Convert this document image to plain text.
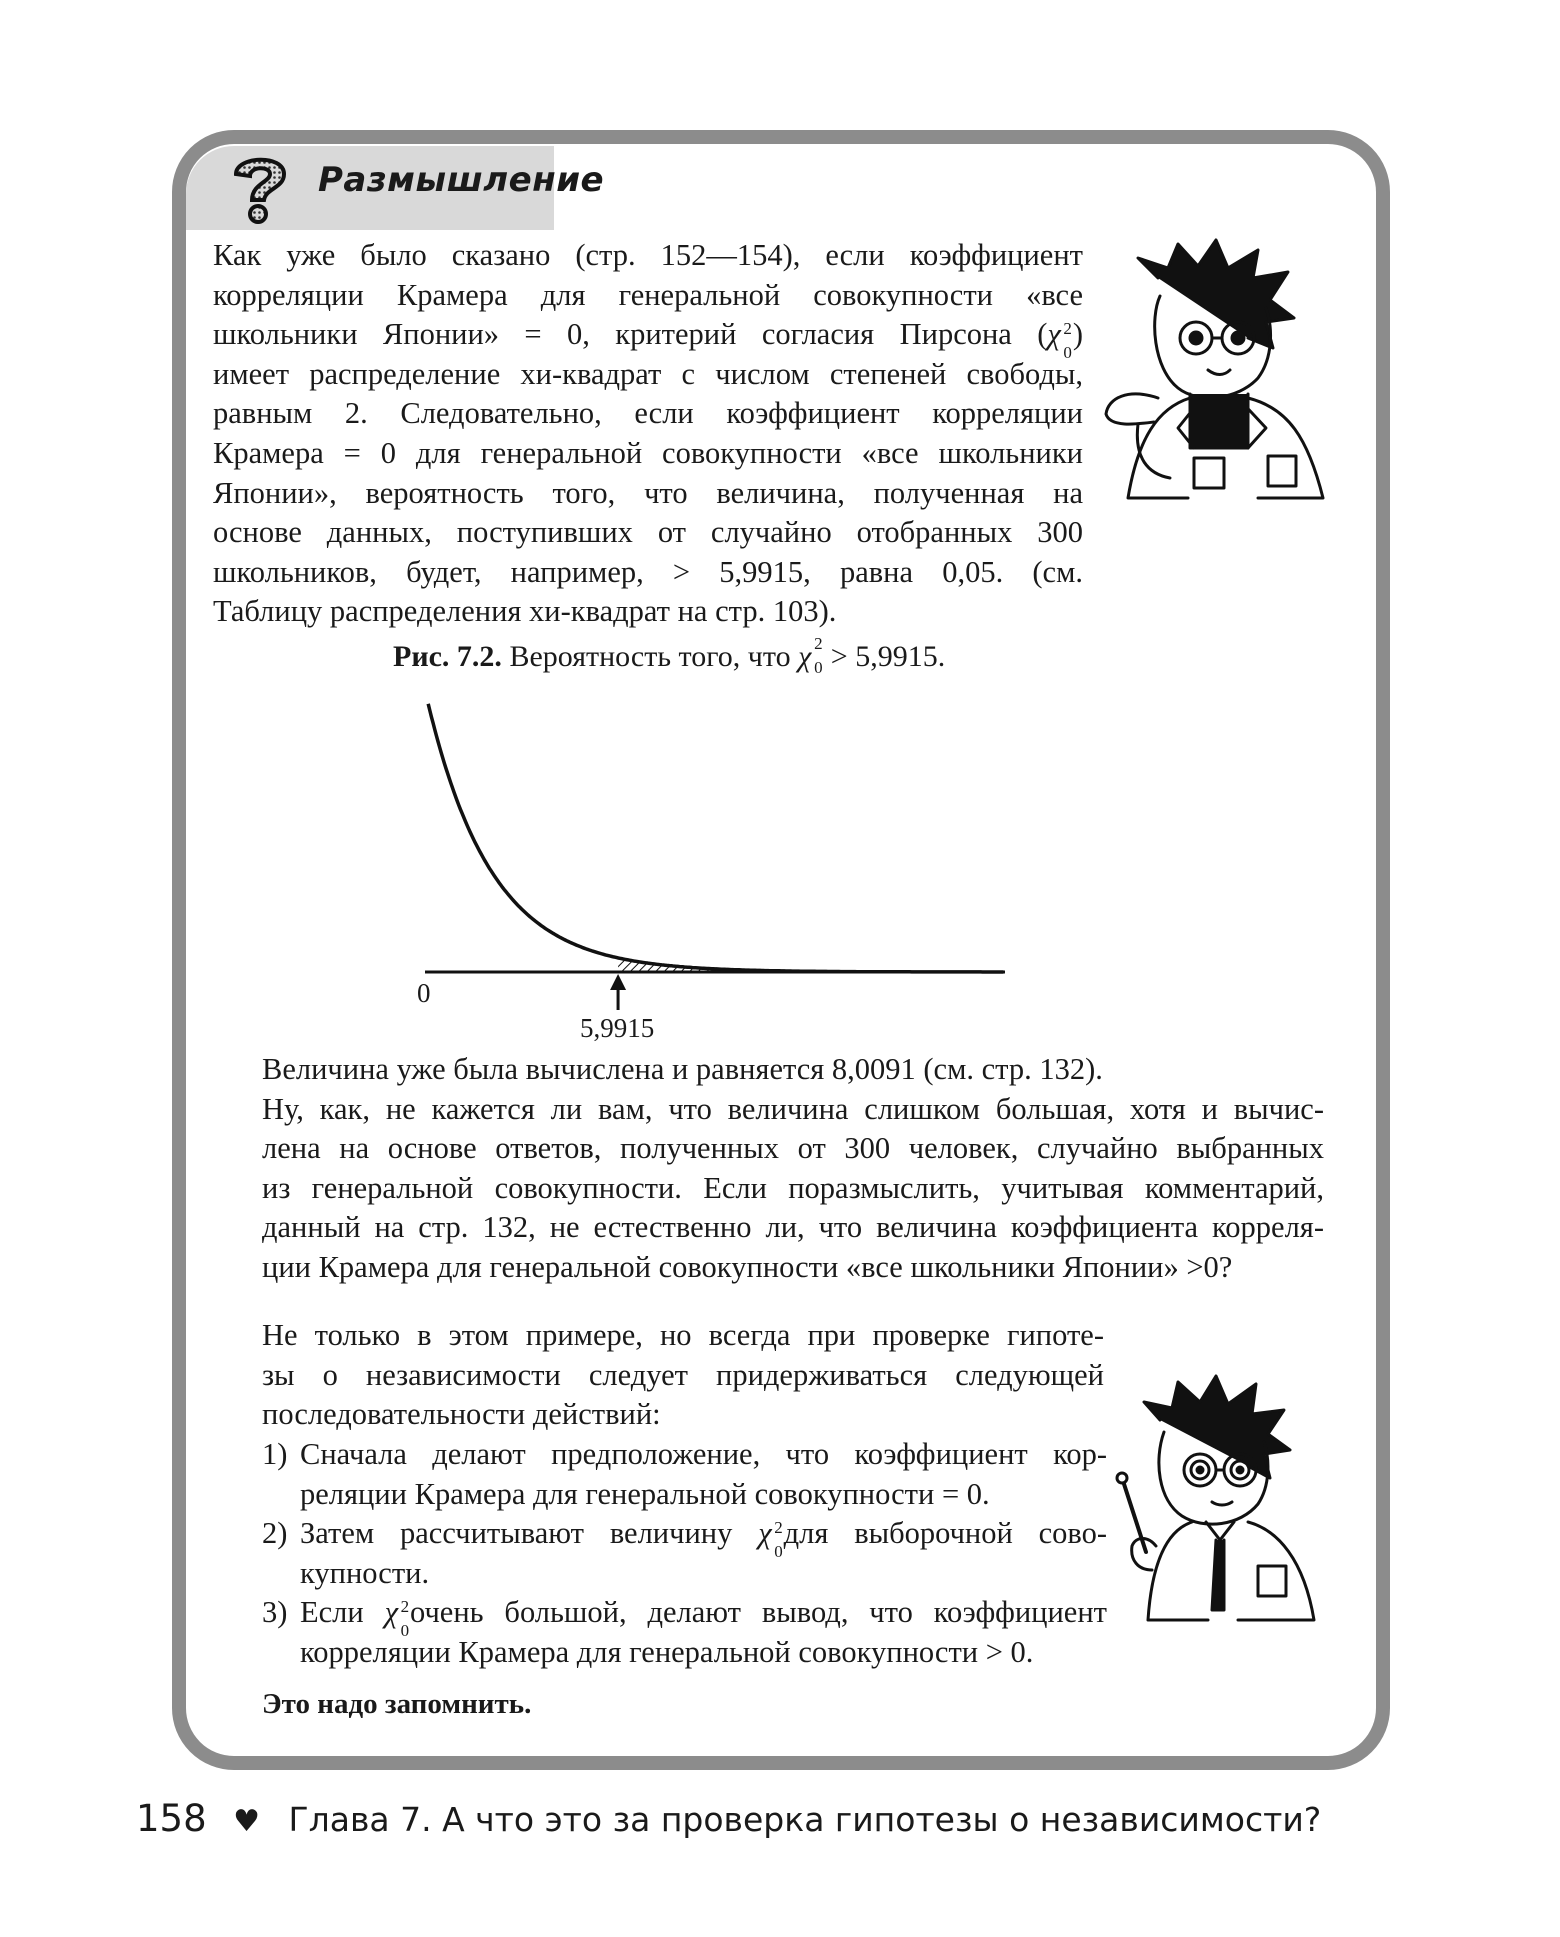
Размышление
Как уже было сказано (стр. 152—154), если коэффициент
корреляции Крамера для генеральной совокупности «все
школьники Японии» = 0, критерий согласия Пирсона (χ 2
0
)
имеет распределение хи-квадрат с числом степеней свободы,
равным 2. Следовательно, если коэффициент корреляции
Крамера = 0 для генеральной совокупности «все школьники
Японии», вероятность того, что величина, полученная на
основе данных, поступивших от случайно отобранных 300
школьников, будет, например, > 5,9915, равна 0,05. (см.
Таблицу распределения хи-квадрат на стр. 103).
Рис. 7.2. Вероятность того, что χ 2
0 > 5,9915.
0
5,9915
Величина уже была вычислена и равняется 8,0091 (см. стр. 132).
Ну, как, не кажется ли вам, что величина слишком большая, хотя и вычис-
лена на основе ответов, полученных от 300 человек, случайно выбранных
из генеральной совокупности. Если поразмыслить, учитывая комментарий,
данный на стр. 132, не естественно ли, что величина коэффициента корреля-
ции Крамера для генеральной совокупности «все школьники Японии» >0?
Не только в этом примере, но всегда при проверке гипоте-
зы о независимости следует придерживаться следующей
последовательности действий:
1) Сначала делают предположение, что коэффициент кор-
реляции Крамера для генеральной совокупности = 0.
2) Затем рассчитывают величину χ 2
0
для выборочной сово-
купности.
3) Если χ 2
0
очень большой, делают вывод, что коэффициент
корреляции Крамера для генеральной совокупности > 0.
Это надо запомнить.
158 ♥ Глава 7. А что это за проверка гипотезы о независимости?
